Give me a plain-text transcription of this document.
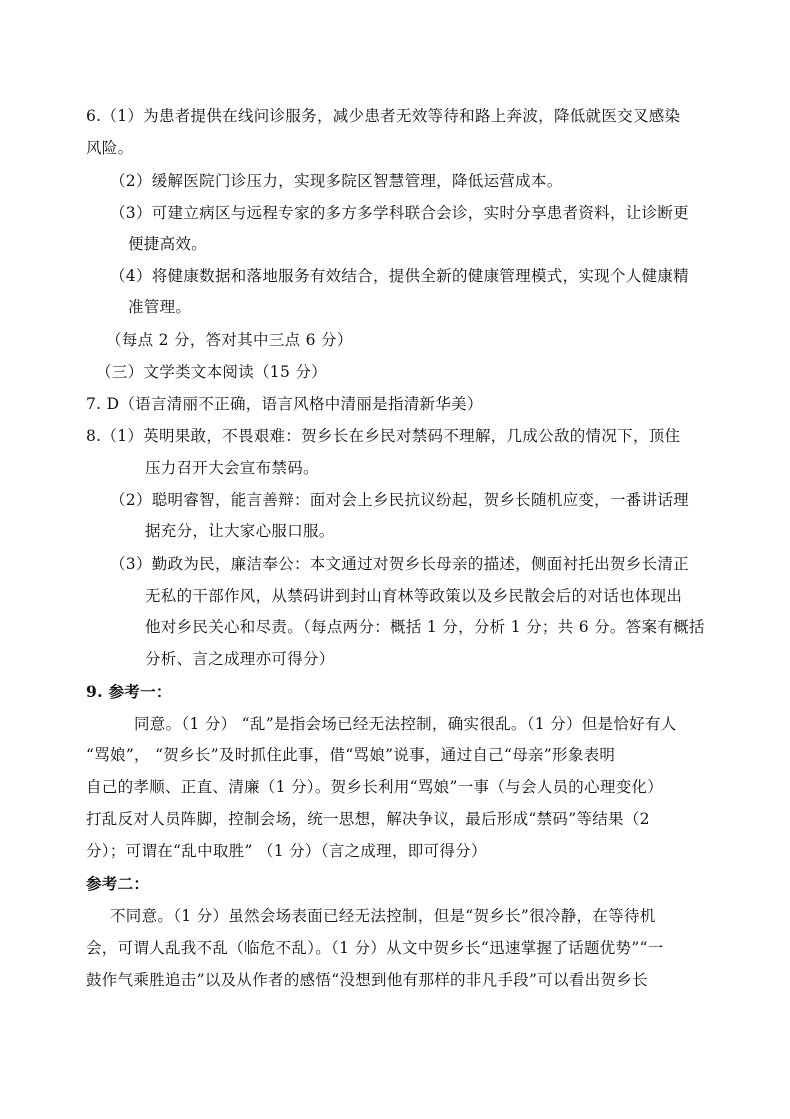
6.（1）为患者提供在线问诊服务，减少患者无效等待和路上奔波，降低就医交叉感染
风险。
（2）缓解医院门诊压力，实现多院区智慧管理，降低运营成本。
（3）可建立病区与远程专家的多方多学科联合会诊，实时分享患者资料，让诊断更
便捷高效。
（4）将健康数据和落地服务有效结合，提供全新的健康管理模式，实现个人健康精
准管理。
（每点 2 分，答对其中三点 6 分）
（三）文学类文本阅读（15 分）
7. D（语言清丽不正确，语言风格中清丽是指清新华美）
8.（1）英明果敢，不畏艰难：贺乡长在乡民对禁码不理解，几成公敌的情况下，顶住
压力召开大会宣布禁码。
（2）聪明睿智，能言善辩：面对会上乡民抗议纷起，贺乡长随机应变，一番讲话理
据充分，让大家心服口服。
（3）勤政为民，廉洁奉公：本文通过对贺乡长母亲的描述，侧面衬托出贺乡长清正
无私的干部作风，从禁码讲到封山育林等政策以及乡民散会后的对话也体现出
他对乡民关心和尽责。（每点两分：概括 1 分，分析 1 分；共 6 分。答案有概括
分析、言之成理亦可得分）
9. 参考一：
同意。（1 分） “乱”是指会场已经无法控制，确实很乱。（1 分）但是恰好有人
“骂娘”， “贺乡长”及时抓住此事，借“骂娘”说事，通过自己“母亲”形象表明
自己的孝顺、正直、清廉（1 分）。贺乡长利用“骂娘”一事（与会人员的心理变化）
打乱反对人员阵脚，控制会场，统一思想，解决争议，最后形成“禁码”等结果（2
分）；可谓在“乱中取胜” （1 分）（言之成理，即可得分）
参考二：
不同意。（1 分）虽然会场表面已经无法控制，但是“贺乡长”很冷静，在等待机
会，可谓人乱我不乱（临危不乱）。（1 分）从文中贺乡长“迅速掌握了话题优势”“一
鼓作气乘胜追击”以及从作者的感悟“没想到他有那样的非凡手段”可以看出贺乡长
